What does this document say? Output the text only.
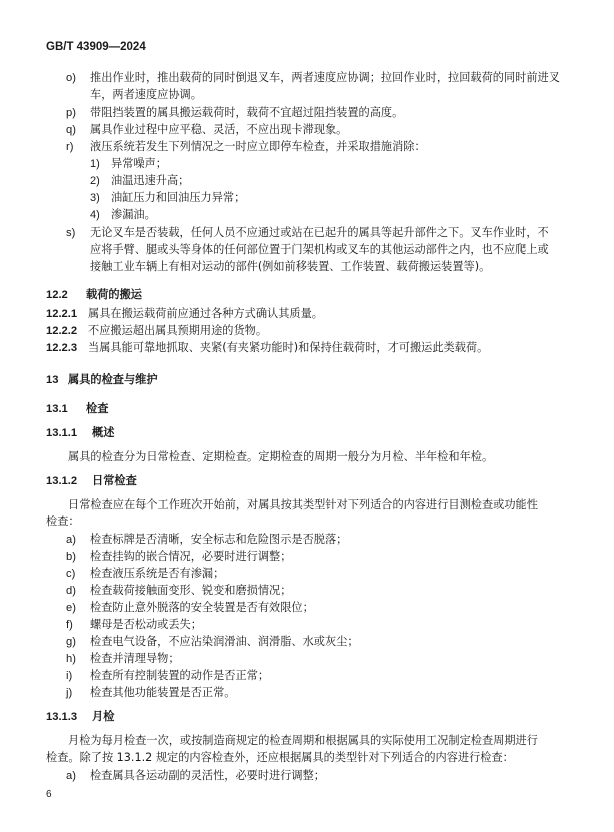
GB/T 43909—2024
o) 推出作业时，推出载荷的同时倒退叉车，两者速度应协调；拉回作业时，拉回载荷的同时前进叉
车，两者速度应协调。
p) 带阻挡装置的属具搬运载荷时，载荷不宜超过阻挡装置的高度。
q) 属具作业过程中应平稳、灵活，不应出现卡滞现象。
r) 液压系统若发生下列情况之一时应立即停车检查，并采取措施消除：
1) 异常噪声；
2) 油温迅速升高；
3) 油缸压力和回油压力异常；
4) 渗漏油。
s) 无论叉车是否装载，任何人员不应通过或站在已起升的属具等起升部件之下。叉车作业时，不
应将手臂、腿或头等身体的任何部位置于门架机构或叉车的其他运动部件之内，也不应爬上或
接触工业车辆上有相对运动的部件(例如前移装置、工作装置、载荷搬运装置等)。
12.2 载荷的搬运
12.2.1 属具在搬运载荷前应通过各种方式确认其质量。
12.2.2 不应搬运超出属具预期用途的货物。
12.2.3 当属具能可靠地抓取、夹紧(有夹紧功能时)和保持住载荷时，才可搬运此类载荷。
13 属具的检查与维护
13.1 检查
13.1.1 概述
属具的检查分为日常检查、定期检查。定期检查的周期一般分为月检、半年检和年检。
13.1.2 日常检查
日常检查应在每个工作班次开始前，对属具按其类型针对下列适合的内容进行目测检查或功能性
检查：
a) 检查标牌是否清晰，安全标志和危险图示是否脱落；
b) 检查挂钩的嵌合情况，必要时进行调整；
c) 检查液压系统是否有渗漏；
d) 检查载荷接触面变形、锐变和磨损情况；
e) 检查防止意外脱落的安全装置是否有效限位；
f) 螺母是否松动或丢失；
g) 检查电气设备，不应沾染润滑油、润滑脂、水或灰尘；
h) 检查并清理导物；
i) 检查所有控制装置的动作是否正常；
j) 检查其他功能装置是否正常。
13.1.3 月检
月检为每月检查一次，或按制造商规定的检查周期和根据属具的实际使用工况制定检查周期进行
检查。除了按 13.1.2 规定的内容检查外，还应根据属具的类型针对下列适合的内容进行检查：
a) 检查属具各运动副的灵活性，必要时进行调整；
6
